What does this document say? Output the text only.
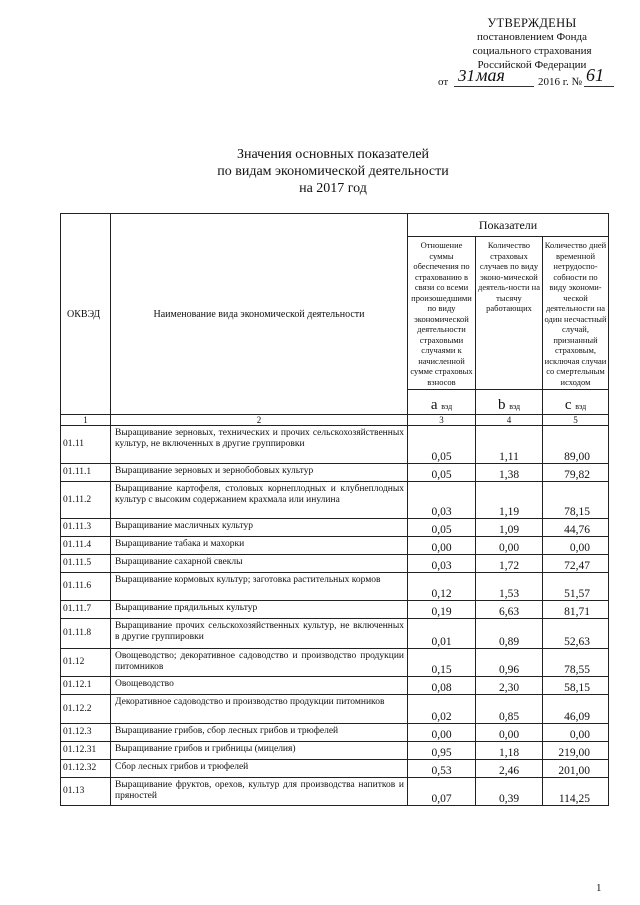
УТВЕРЖДЕНЫ
постановлением Фонда
социального страхования
Российской Федерации
от 31 мая	2016 г. № 61
Значения основных показателей
по видам экономической деятельности
на 2017 год
ОКВЭД	Наименование вида экономической деятельности	Показатели		
		Отношение суммы обеспечения по страхованию в связи со всеми произошедшими по виду экономической деятельности страховыми случаями к начисленной сумме страховых взносов	Количество страховых случаев по виду эконо-мической деятель-ности на тысячу работающих	Количество дней временной нетрудоспо-собности по виду экономи-ческой деятельности на один несчастный случай, признанный страховым, исключая случаи со смертельным исходом
		a вэд	b вэд	c вэд
1	2	3	4	5
01.11	Выращивание зерновых, технических и прочих сельскохозяйственных культур, не включенных в другие группировки	0,05	1,11	89,00
01.11.1	Выращивание зерновых и зернобобовых культур	0,05	1,38	79,82
01.11.2	Выращивание картофеля, столовых корнеплодных и клубнеплодных культур с высоким содержанием крахмала или инулина	0,03	1,19	78,15
01.11.3	Выращивание масличных культур	0,05	1,09	44,76
01.11.4	Выращивание табака и махорки	0,00	0,00	0,00
01.11.5	Выращивание сахарной свеклы	0,03	1,72	72,47
01.11.6	Выращивание кормовых культур; заготовка растительных кормов	0,12	1,53	51,57
01.11.7	Выращивание прядильных культур	0,19	6,63	81,71
01.11.8	Выращивание прочих сельскохозяйственных культур, не включенных в другие группировки	0,01	0,89	52,63
01.12	Овощеводство; декоративное садоводство и производство продукции питомников	0,15	0,96	78,55
01.12.1	Овощеводство	0,08	2,30	58,15
01.12.2	Декоративное садоводство и производство продукции питомников	0,02	0,85	46,09
01.12.3	Выращивание грибов, сбор лесных грибов и трюфелей	0,00	0,00	0,00
01.12.31	Выращивание грибов и грибницы (мицелия)	0,95	1,18	219,00
01.12.32	Сбор лесных грибов и трюфелей	0,53	2,46	201,00
01.13	Выращивание фруктов, орехов, культур для производства напитков и пряностей	0,07	0,39	114,25
1
